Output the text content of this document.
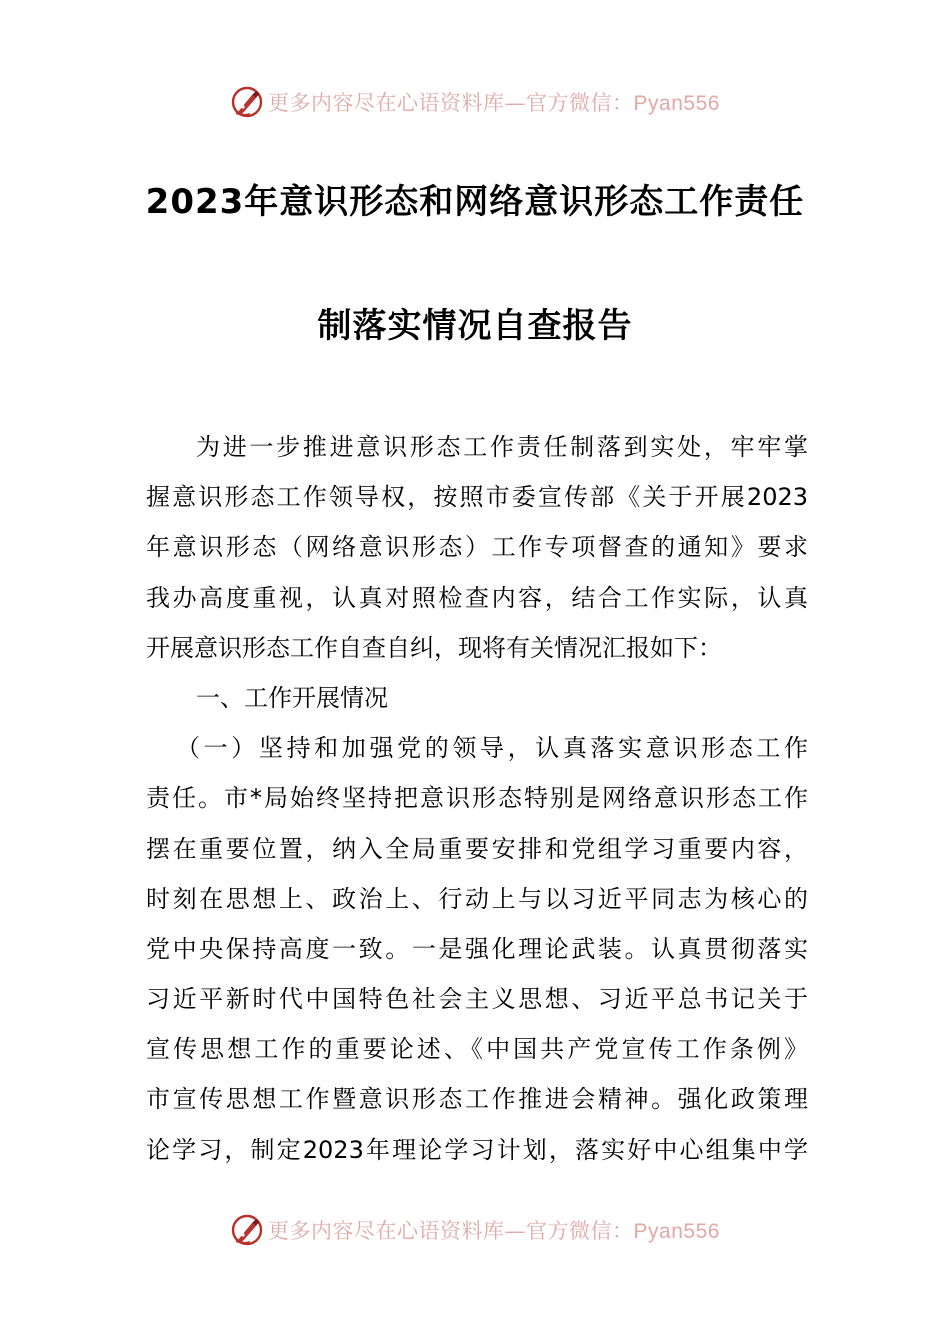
更多内容尽在心语资料库—官方微信：Pyan556
2023年意识形态和网络意识形态工作责任
制落实情况自查报告
为进一步推进意识形态工作责任制落到实处，牢牢掌
握意识形态工作领导权，按照市委宣传部《关于开展2023
年意识形态（网络意识形态）工作专项督查的通知》要求
我办高度重视，认真对照检查内容，结合工作实际，认真
开展意识形态工作自查自纠，现将有关情况汇报如下：
一、工作开展情况
（一）坚持和加强党的领导，认真落实意识形态工作
责任。市*局始终坚持把意识形态特别是网络意识形态工作
摆在重要位置，纳入全局重要安排和党组学习重要内容，
时刻在思想上、政治上、行动上与以习近平同志为核心的
党中央保持高度一致。一是强化理论武装。认真贯彻落实
习近平新时代中国特色社会主义思想、习近平总书记关于
宣传思想工作的重要论述、《中国共产党宣传工作条例》
市宣传思想工作暨意识形态工作推进会精神。强化政策理
论学习，制定2023年理论学习计划，落实好中心组集中学
更多内容尽在心语资料库—官方微信：Pyan556
